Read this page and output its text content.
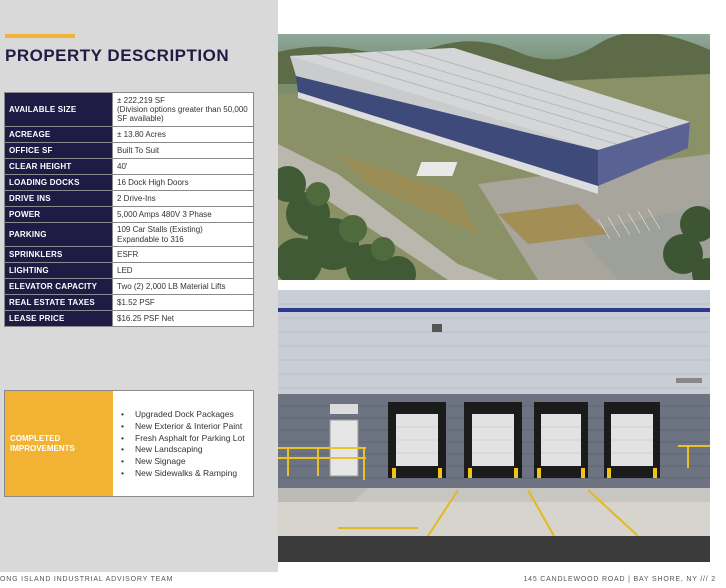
PROPERTY DESCRIPTION
AVAILABLE SIZE	± 222,219 SF
(Division options greater than 50,000 SF available)

ACREAGE	± 13.80 Acres
OFFICE SF	Built To Suit
CLEAR HEIGHT	40'
LOADING DOCKS	16 Dock High Doors
DRIVE INS	2 Drive-Ins
POWER	5,000 Amps 480V 3 Phase
PARKING	109 Car Stalls (Existing)
Expandable to 316

SPRINKLERS	ESFR
LIGHTING	LED
ELEVATOR CAPACITY	Two (2) 2,000 LB Material Lifts
REAL ESTATE TAXES	$1.52 PSF
LEASE PRICE	$16.25 PSF Net
COMPLETED IMPROVEMENTS
• Upgraded Dock Packages
• New Exterior & Interior Paint
• Fresh Asphalt for Parking Lot
• New Landscaping
• New Signage
• New Sidewalks & Ramping
ONG ISLAND INDUSTRIAL ADVISORY TEAM	145 CANDLEWOOD ROAD | BAY SHORE, NY /// 2
